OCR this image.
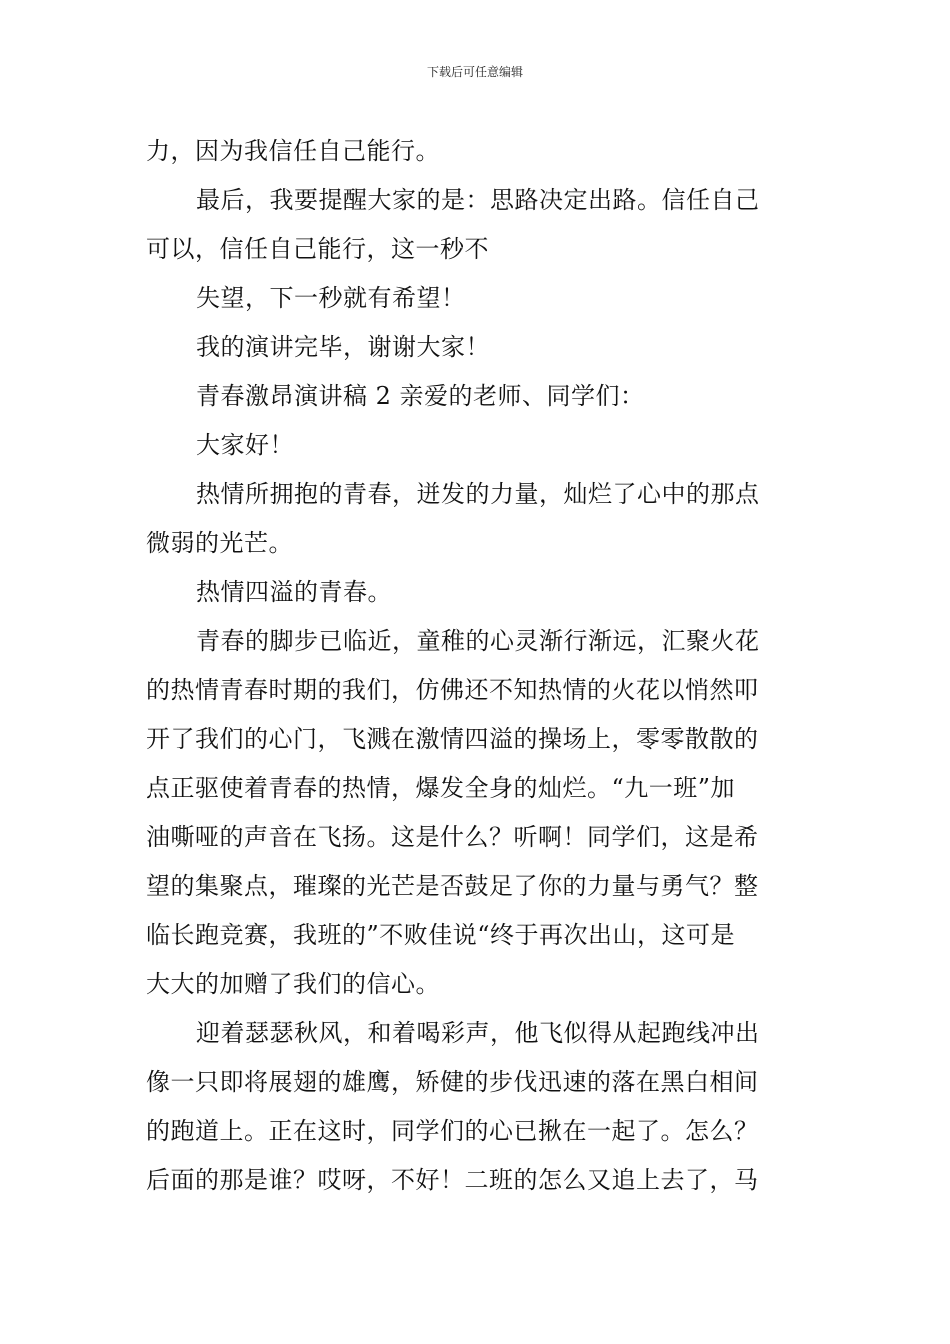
下载后可任意编辑
力，因为我信任自己能行。
最后，我要提醒大家的是：思路决定出路。信任自己
可以，信任自己能行，这一秒不
失望，下一秒就有希望！
我的演讲完毕，谢谢大家！
青春激昂演讲稿 2 亲爱的老师、同学们：
大家好！
热情所拥抱的青春，迸发的力量，灿烂了心中的那点
微弱的光芒。
热情四溢的青春。
青春的脚步已临近，童稚的心灵渐行渐远，汇聚火花
的热情青春时期的我们，仿佛还不知热情的火花以悄然叩
开了我们的心门，飞溅在激情四溢的操场上，零零散散的
点正驱使着青春的热情，爆发全身的灿烂。“九一班”加
油嘶哑的声音在飞扬。这是什么？听啊！同学们，这是希
望的集聚点，璀璨的光芒是否鼓足了你的力量与勇气？整
临长跑竞赛，我班的”不败佳说“终于再次出山，这可是
大大的加赠了我们的信心。
迎着瑟瑟秋风，和着喝彩声，他飞似得从起跑线冲出
像一只即将展翅的雄鹰，矫健的步伐迅速的落在黑白相间
的跑道上。正在这时，同学们的心已揪在一起了。怎么？
后面的那是谁？哎呀，不好！二班的怎么又追上去了，马
